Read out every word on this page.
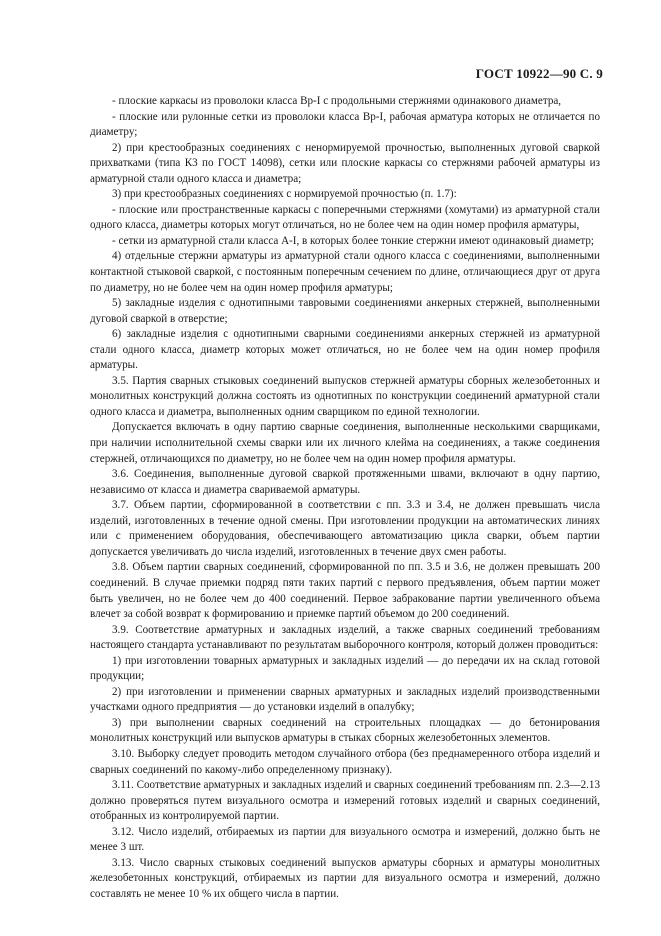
ГОСТ 10922—90 С. 9

- плоские каркасы из проволоки класса Вр-I с продольными стержнями одинакового диаметра,

- плоские или рулонные сетки из проволоки класса Вр-I, рабочая арматура которых не отличается по диаметру;

2) при крестообразных соединениях с ненормируемой прочностью, выполненных дуговой сваркой прихватками (типа К3 по ГОСТ 14098), сетки или плоские каркасы со стержнями рабочей арматуры из арматурной стали одного класса и диаметра;

3) при крестообразных соединениях с нормируемой прочностью (п. 1.7):

- плоские или пространственные каркасы с поперечными стержнями (хомутами) из арматурной стали одного класса, диаметры которых могут отличаться, но не более чем на один номер профиля арматуры,

- сетки из арматурной стали класса А-I, в которых более тонкие стержни имеют одинаковый диаметр;

4) отдельные стержни арматуры из арматурной стали одного класса с соединениями, выполненными контактной стыковой сваркой, с постоянным поперечным сечением по длине, отличающиеся друг от друга по диаметру, но не более чем на один номер профиля арматуры;

5) закладные изделия с однотипными тавровыми соединениями анкерных стержней, выполненными дуговой сваркой в отверстие;

6) закладные изделия с однотипными сварными соединениями анкерных стержней из арматурной стали одного класса, диаметр которых может отличаться, но не более чем на один номер профиля арматуры.

3.5. Партия сварных стыковых соединений выпусков стержней арматуры сборных железобетонных и монолитных конструкций должна состоять из однотипных по конструкции соединений арматурной стали одного класса и диаметра, выполненных одним сварщиком по единой технологии.

Допускается включать в одну партию сварные соединения, выполненные несколькими сварщиками, при наличии исполнительной схемы сварки или их личного клейма на соединениях, а также соединения стержней, отличающихся по диаметру, но не более чем на один номер профиля арматуры.

3.6. Соединения, выполненные дуговой сваркой протяженными швами, включают в одну партию, независимо от класса и диаметра свариваемой арматуры.

3.7. Объем партии, сформированной в соответствии с пп. 3.3 и 3.4, не должен превышать числа изделий, изготовленных в течение одной смены. При изготовлении продукции на автоматических линиях или с применением оборудования, обеспечивающего автоматизацию цикла сварки, объем партии допускается увеличивать до числа изделий, изготовленных в течение двух смен работы.

3.8. Объем партии сварных соединений, сформированной по пп. 3.5 и 3.6, не должен превышать 200 соединений. В случае приемки подряд пяти таких партий с первого предъявления, объем партии может быть увеличен, но не более чем до 400 соединений. Первое забракование партии увеличенного объема влечет за собой возврат к формированию и приемке партий объемом до 200 соединений.

3.9. Соответствие арматурных и закладных изделий, а также сварных соединений требованиям настоящего стандарта устанавливают по результатам выборочного контроля, который должен проводиться:

1) при изготовлении товарных арматурных и закладных изделий — до передачи их на склад готовой продукции;

2) при изготовлении и применении сварных арматурных и закладных изделий производственными участками одного предприятия — до установки изделий в опалубку;

3) при выполнении сварных соединений на строительных площадках — до бетонирования монолитных конструкций или выпусков арматуры в стыках сборных железобетонных элементов.

3.10. Выборку следует проводить методом случайного отбора (без преднамеренного отбора изделий и сварных соединений по какому-либо определенному признаку).

3.11. Соответствие арматурных и закладных изделий и сварных соединений требованиям пп. 2.3—2.13 должно проверяться путем визуального осмотра и измерений готовых изделий и сварных соединений, отобранных из контролируемой партии.

3.12. Число изделий, отбираемых из партии для визуального осмотра и измерений, должно быть не менее 3 шт.

3.13. Число сварных стыковых соединений выпусков арматуры сборных и арматуры монолитных железобетонных конструкций, отбираемых из партии для визуального осмотра и измерений, должно составлять не менее 10 % их общего числа в партии.
